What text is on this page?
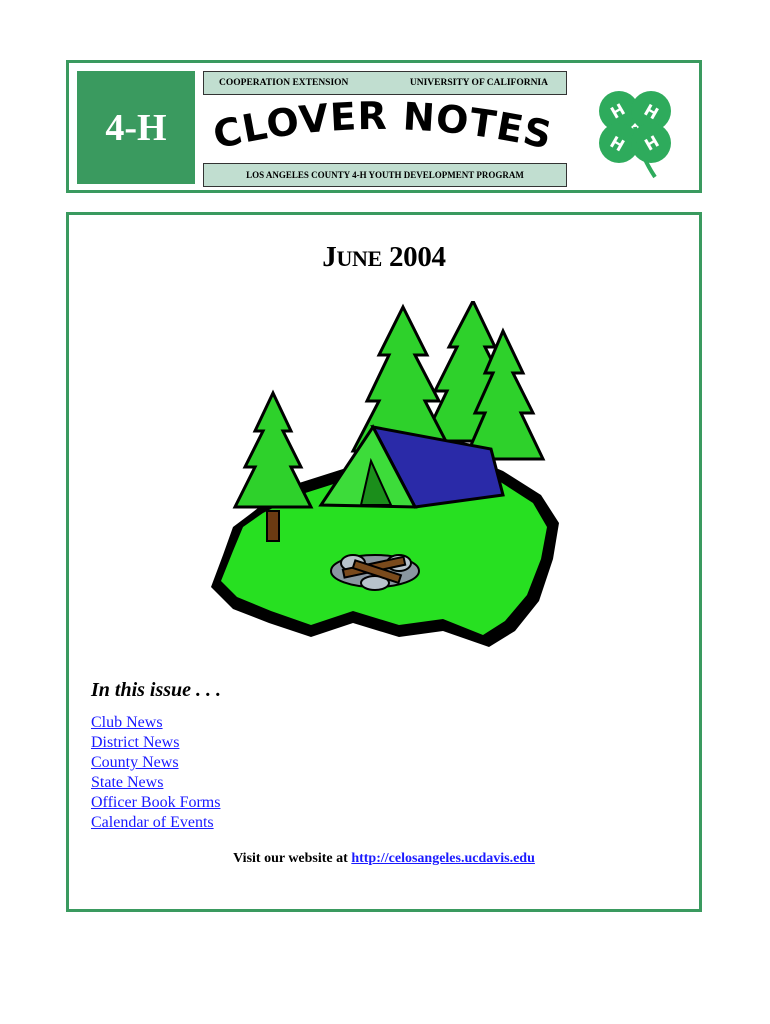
4-H
COOPERATION EXTENSION	UNIVERSITY OF CALIFORNIA
CLOVER NOTES
LOS ANGELES COUNTY 4-H YOUTH DEVELOPMENT PROGRAM
H H
H H
JUNE 2004
In this issue . . .
Club News
District News
County News
State News
Officer Book Forms
Calendar of Events
Visit our website at http://celosangeles.ucdavis.edu
